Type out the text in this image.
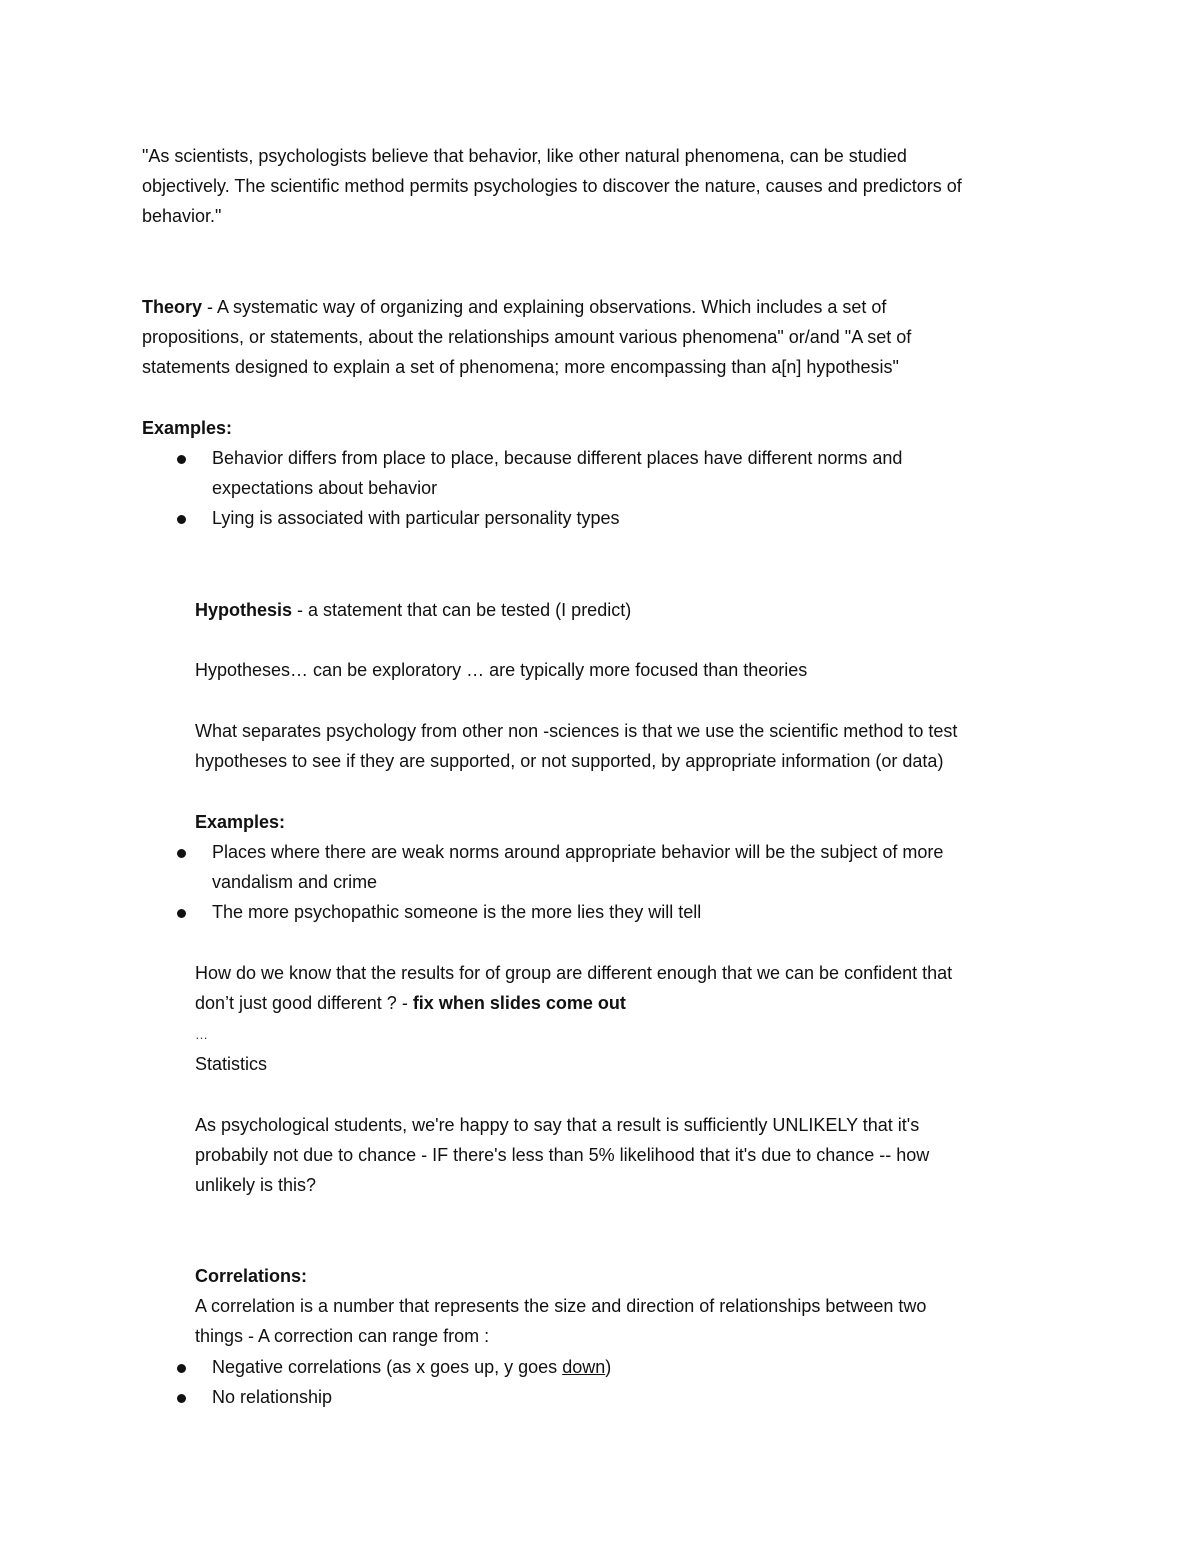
"As scientists, psychologists believe that behavior, like other natural phenomena, can be studied
objectively. The scientific method permits psychologies to discover the nature, causes and predictors of
behavior."
Theory - A systematic way of organizing and explaining observations. Which includes a set of
propositions, or statements, about the relationships amount various phenomena" or/and "A set of
statements designed to explain a set of phenomena; more encompassing than a[n] hypothesis"
Examples:
Behavior differs from place to place, because different places have different norms and
expectations about behavior
Lying is associated with particular personality types
Hypothesis - a statement that can be tested (I predict)
Hypotheses… can be exploratory … are typically more focused than theories
What separates psychology from other non -sciences is that we use the scientific method to test
hypotheses to see if they are supported, or not supported, by appropriate information (or data)
Examples:
Places where there are weak norms around appropriate behavior will be the subject of more
vandalism and crime
The more psychopathic someone is the more lies they will tell
How do we know that the results for of group are different enough that we can be confident that
don’t just good different ? - fix when slides come out
…
Statistics
As psychological students, we're happy to say that a result is sufficiently UNLIKELY that it's
probabily not due to chance - IF there's less than 5% likelihood that it's due to chance -- how
unlikely is this?
Correlations:
A correlation is a number that represents the size and direction of relationships between two
things - A correction can range from :
Negative correlations (as x goes up, y goes down)
No relationship
